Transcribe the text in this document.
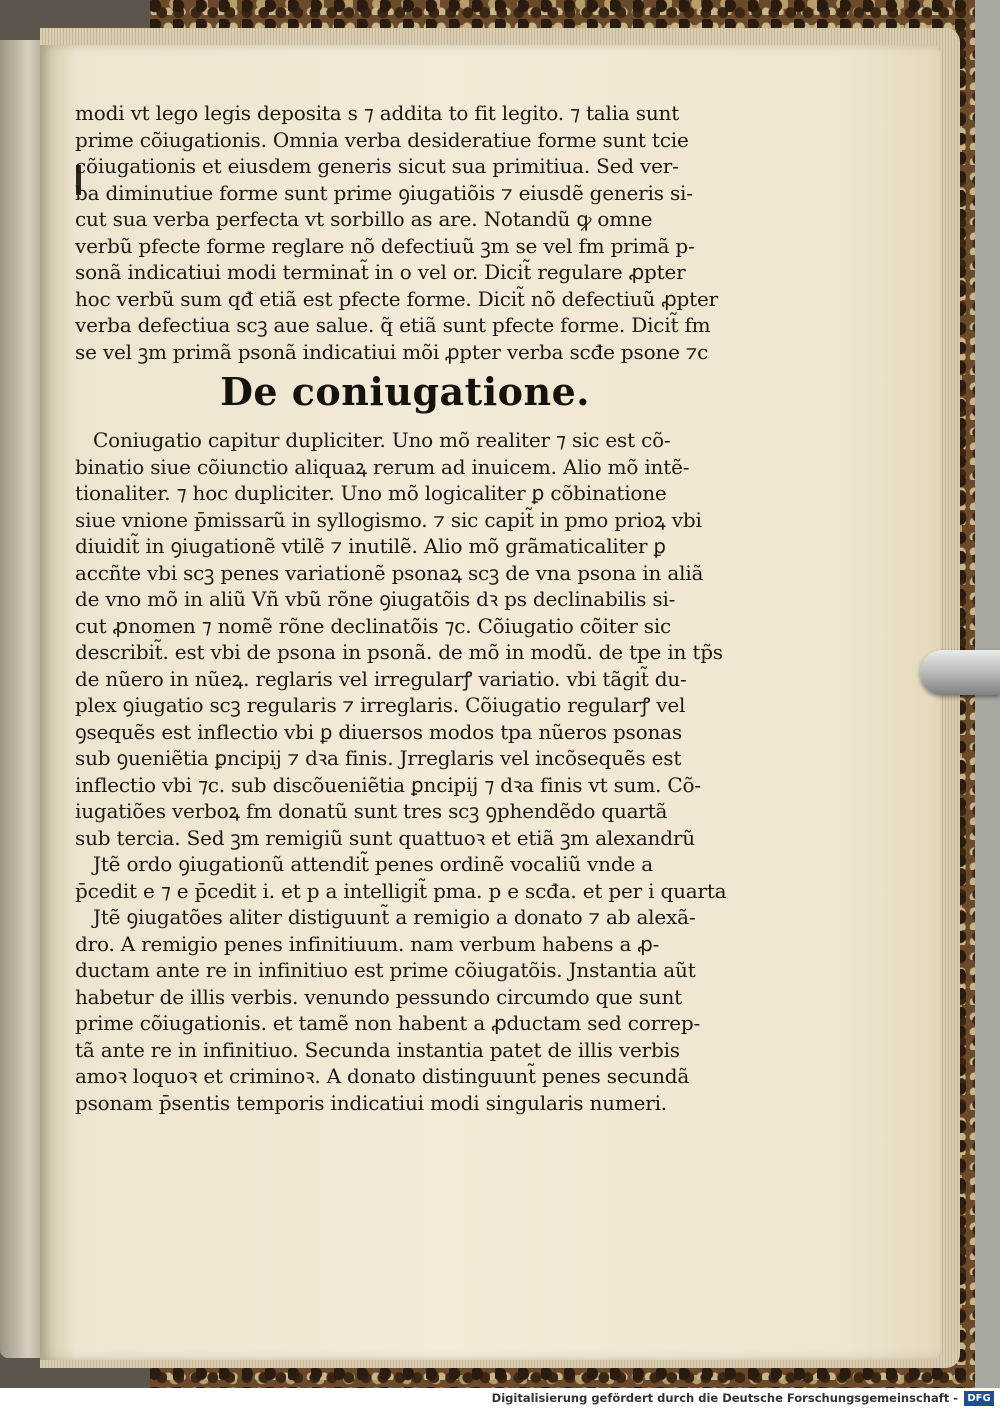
modi vt lego legis deposita s ⁊ addita to fit legito. ⁊ talia sunt
prime cõiugationis. Omnia verba desideratiue forme sunt tcie
cõiugationis et eiusdem generis sicut sua primitiua. Sed ver-
ba diminutiue forme sunt prime ꝯiugatiõis ⁊ eiusdẽ generis si-
cut sua verba perfecta vt sorbillo as are. Notandũ ꝙ omne
verbũ pfecte forme reglare nõ defectiuũ ꝫm se vel fm primã p-
sonã indicatiui modi terminat̃ in o vel or. Dicit̃ regulare ꝓpter
hoc verbũ sum qđ etiã est pfecte forme. Dicit̃ nõ defectiuũ ꝓpter
verba defectiua scꝫ aue salue. q̃ etiã sunt pfecte forme. Dicit̃ fm
se vel ꝫm primã psonã indicatiui mõi ꝓpter verba scđe psone ⁊c
De coniugatione.
Coniugatio capitur dupliciter. Uno mõ realiter ⁊ sic est cõ-
binatio siue cõiunctio aliquaꝝ rerum ad inuicem. Alio mõ intẽ-
tionaliter. ⁊ hoc dupliciter. Uno mõ logicaliter ꝑ cõbinatione
siue vnione p̄missarũ in syllogismo. ⁊ sic capit̃ in pmo prioꝝ vbi
diuidit̃ in ꝯiugationẽ vtilẽ ⁊ inutilẽ. Alio mõ grãmaticaliter ꝑ
accñte vbi scꝫ penes variationẽ psonaꝝ scꝫ de vna psona in aliã
de vno mõ in aliũ Vñ vbũ rõne ꝯiugatõis dꝛ ps declinabilis si-
cut ꝓnomen ⁊ nomẽ rõne declinatõis ⁊c. Cõiugatio cõiter sic
describit̃. est vbi de psona in psonã. de mõ in modũ. de tpe in tp̃s
de nũero in nũeꝝ. reglaris vel irregularꝭ variatio. vbi tãgit̃ du-
plex ꝯiugatio scꝫ regularis ⁊ irreglaris. Cõiugatio regularꝭ vel
ꝯsequẽs est inflectio vbi ꝑ diuersos modos tpa nũeros psonas
sub ꝯueniẽtia ꝑncipij ⁊ dꝛa finis. Jrreglaris vel incõsequẽs est
inflectio vbi ⁊c. sub discõueniẽtia ꝑncipij ⁊ dꝛa finis vt sum. Cõ-
iugatiões verboꝝ fm donatũ sunt tres scꝫ ꝯphendẽdo quartã
sub tercia. Sed ꝫm remigiũ sunt quattuoꝛ et etiã ꝫm alexandrũ
Jtẽ ordo ꝯiugationũ attendit̃ penes ordinẽ vocaliũ vnde a
p̄cedit e ⁊ e p̄cedit i. et p a intelligit̃ pma. p e scđa. et per i quarta
Jtẽ ꝯiugatões aliter distiguunt̃ a remigio a donato ⁊ ab alexã-
dro. A remigio penes infinitiuum. nam verbum habens a ꝓ-
ductam ante re in infinitiuo est prime cõiugatõis. Jnstantia aũt
habetur de illis verbis. venundo pessundo circumdo que sunt
prime cõiugationis. et tamẽ non habent a ꝓductam sed correp-
tã ante re in infinitiuo. Secunda instantia patet de illis verbis
amoꝛ loquoꝛ et criminoꝛ. A donato distinguunt̃ penes secundã
psonam p̄sentis temporis indicatiui modi singularis numeri.
Digitalisierung gefördert durch die Deutsche Forschungsgemeinschaft - DFG
